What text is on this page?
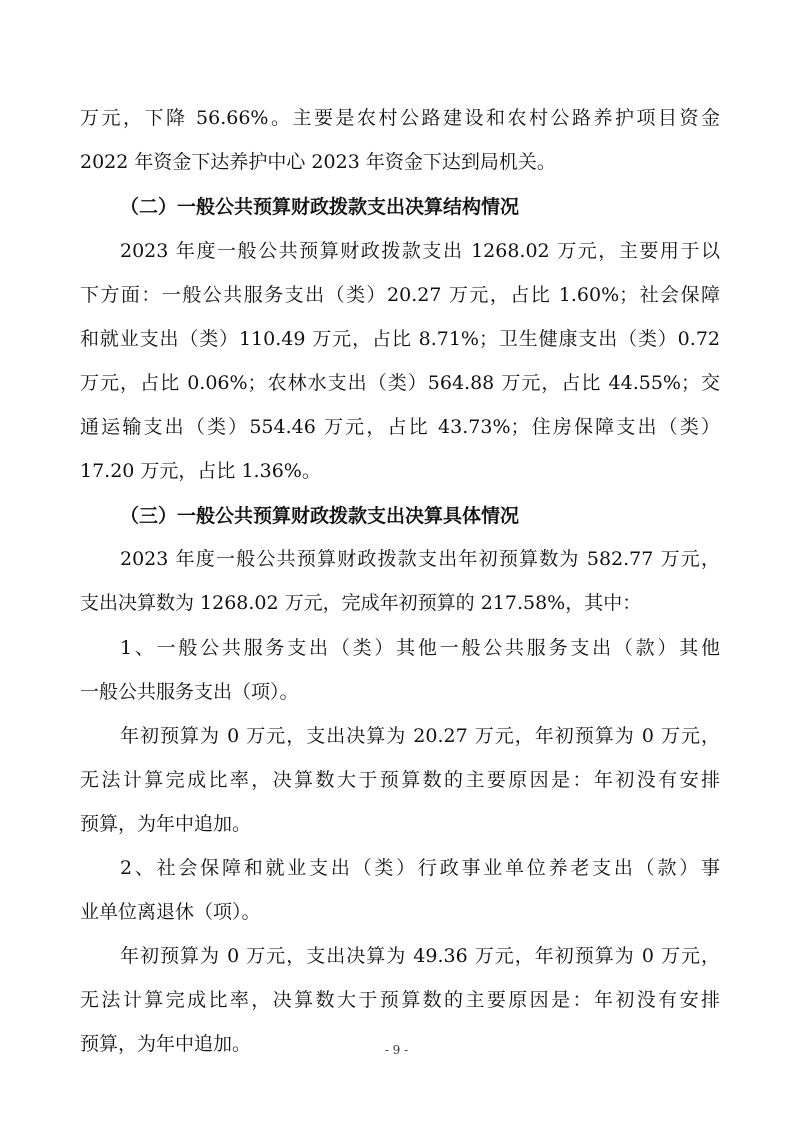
万元，下降 56.66%。主要是农村公路建设和农村公路养护项目资金
2022 年资金下达养护中心 2023 年资金下达到局机关。
（二）一般公共预算财政拨款支出决算结构情况
2023 年度一般公共预算财政拨款支出 1268.02 万元，主要用于以
下方面：一般公共服务支出（类）20.27 万元，占比 1.60%；社会保障
和就业支出（类）110.49 万元，占比 8.71%；卫生健康支出（类）0.72
万元，占比 0.06%；农林水支出（类）564.88 万元，占比 44.55%；交
通运输支出（类）554.46 万元，占比 43.73%；住房保障支出（类）
17.20 万元，占比 1.36%。
（三）一般公共预算财政拨款支出决算具体情况
2023 年度一般公共预算财政拨款支出年初预算数为 582.77 万元，
支出决算数为 1268.02 万元，完成年初预算的 217.58%，其中：
1、一般公共服务支出（类）其他一般公共服务支出（款）其他
一般公共服务支出（项）。
年初预算为 0 万元，支出决算为 20.27 万元，年初预算为 0 万元，
无法计算完成比率，决算数大于预算数的主要原因是：年初没有安排
预算，为年中追加。
2、社会保障和就业支出（类）行政事业单位养老支出（款）事
业单位离退休（项）。
年初预算为 0 万元，支出决算为 49.36 万元，年初预算为 0 万元，
无法计算完成比率，决算数大于预算数的主要原因是：年初没有安排
预算，为年中追加。	- 9 -
